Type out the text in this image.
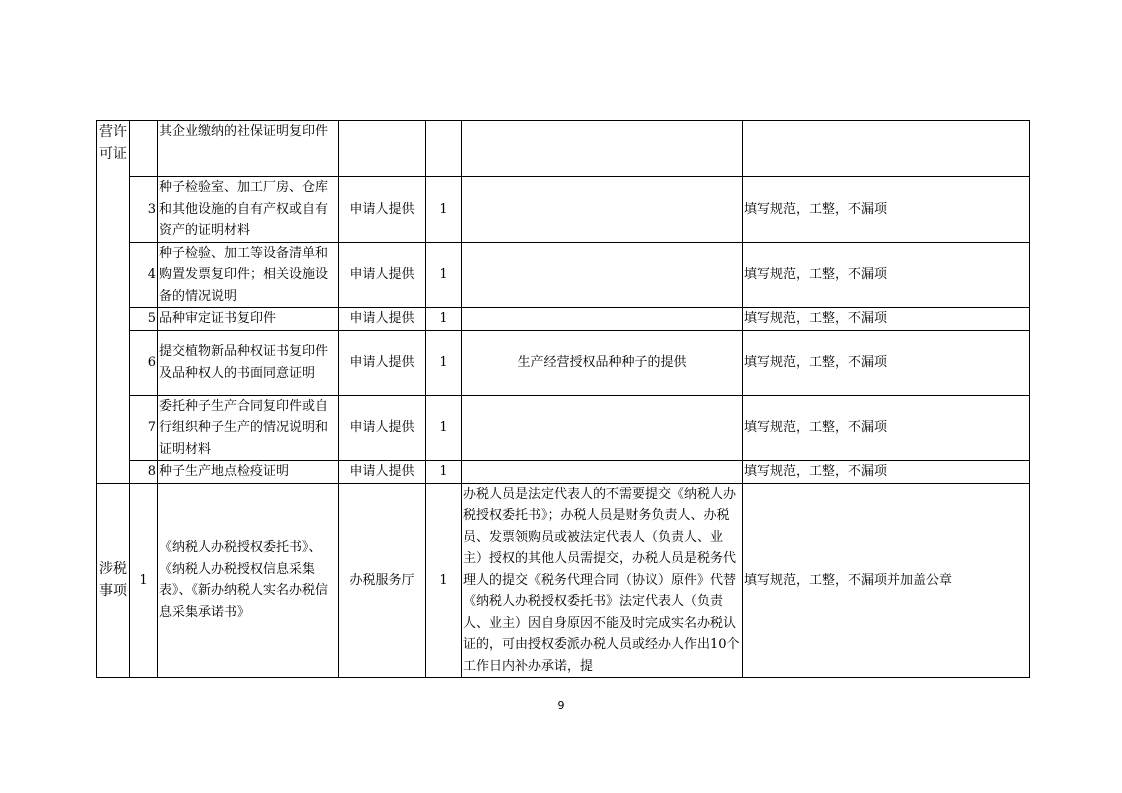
营许可证		其企业缴纳的社保证明复印件				
	3	种子检验室、加工厂房、仓库和其他设施的自有产权或自有资产的证明材料	申请人提供	1		填写规范，工整，不漏项
	4	种子检验、加工等设备清单和购置发票复印件；相关设施设备的情况说明	申请人提供	1		填写规范，工整，不漏项
	5	品种审定证书复印件	申请人提供	1		填写规范，工整，不漏项
	6	提交植物新品种权证书复印件及品种权人的书面同意证明	申请人提供	1	生产经营授权品种种子的提供	填写规范，工整，不漏项
	7	委托种子生产合同复印件或自行组织种子生产的情况说明和证明材料	申请人提供	1		填写规范，工整，不漏项
	8	种子生产地点检疫证明	申请人提供	1		填写规范，工整，不漏项
涉税事项	1	《纳税人办税授权委托书》、《纳税人办税授权信息采集表》、《新办纳税人实名办税信息采集承诺书》	办税服务厅	1	办税人员是法定代表人的不需要提交《纳税人办税授权委托书》；办税人员是财务负责人、办税员、发票领购员或被法定代表人（负责人、业主）授权的其他人员需提交，办税人员是税务代理人的提交《税务代理合同（协议）原件》代替《纳税人办税授权委托书》法定代表人（负责人、业主）因自身原因不能及时完成实名办税认证的，可由授权委派办税人员或经办人作出10个工作日内补办承诺，提	填写规范，工整，不漏项并加盖公章
9
